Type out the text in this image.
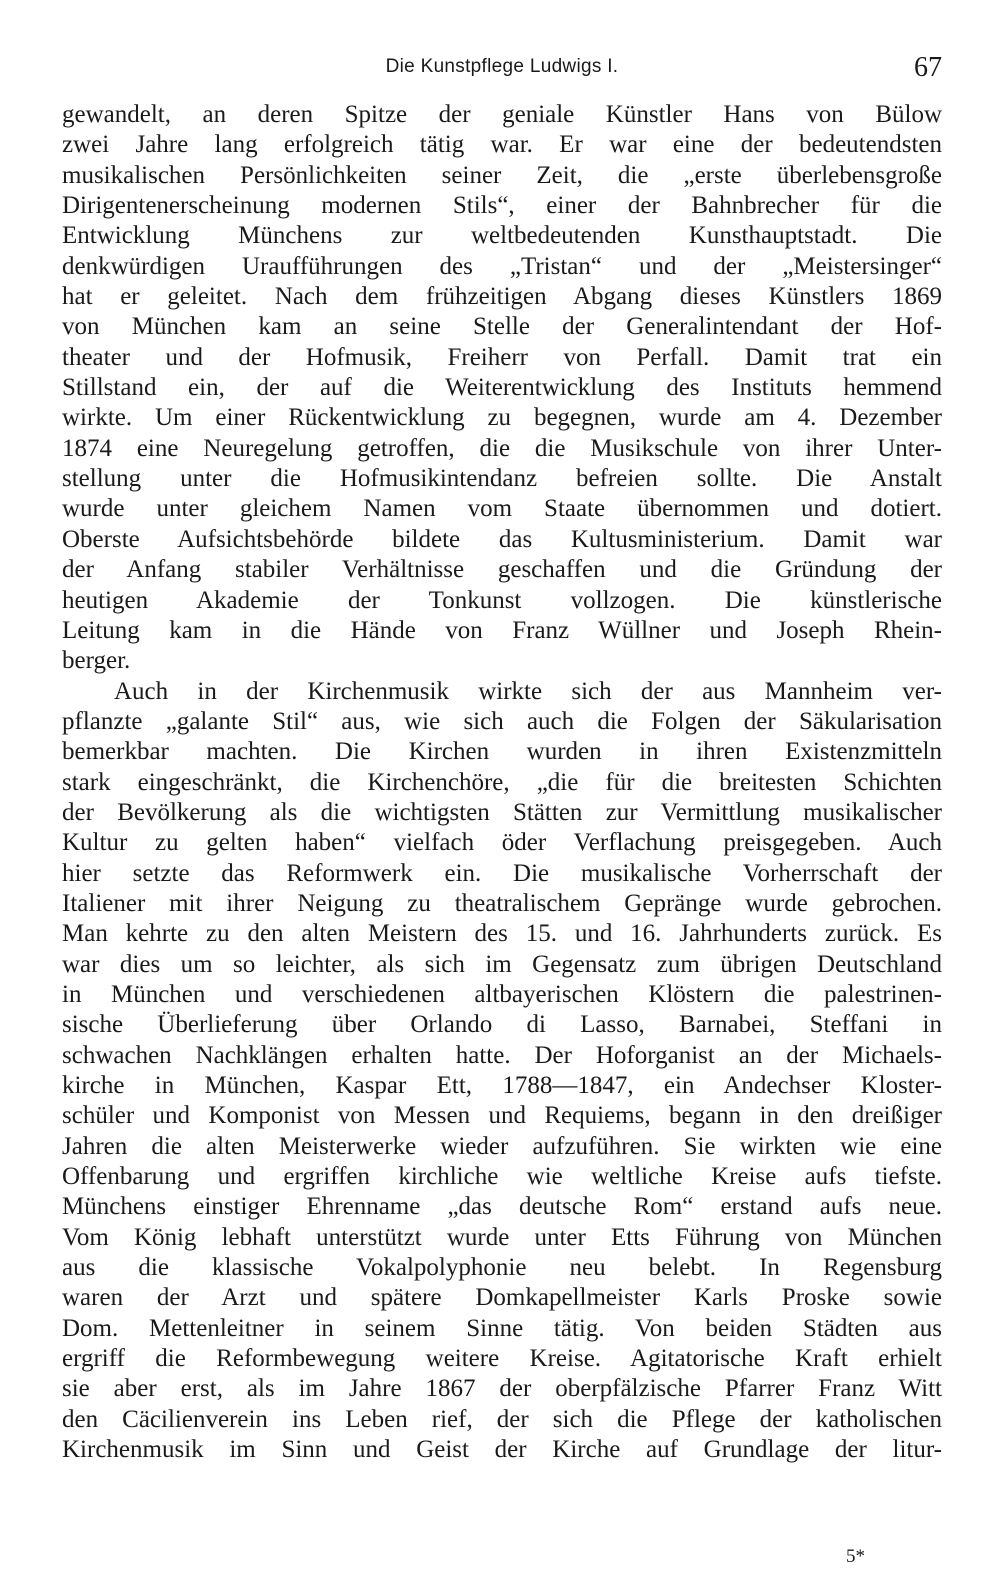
Die Kunstpflege Ludwigs I.	67
gewandelt, an deren Spitze der geniale Künstler Hans von Bülow
zwei Jahre lang erfolgreich tätig war. Er war eine der bedeutendsten
musikalischen Persönlichkeiten seiner Zeit, die „erste überlebensgroße
Dirigentenerscheinung modernen Stils“, einer der Bahnbrecher für die
Entwicklung Münchens zur weltbedeutenden Kunsthauptstadt. Die
denkwürdigen Uraufführungen des „Tristan“ und der „Meistersinger“
hat er geleitet. Nach dem frühzeitigen Abgang dieses Künstlers 1869
von München kam an seine Stelle der Generalintendant der Hof-
theater und der Hofmusik, Freiherr von Perfall. Damit trat ein
Stillstand ein, der auf die Weiterentwicklung des Instituts hemmend
wirkte. Um einer Rückentwicklung zu begegnen, wurde am 4. Dezember
1874 eine Neuregelung getroffen, die die Musikschule von ihrer Unter-
stellung unter die Hofmusikintendanz befreien sollte. Die Anstalt
wurde unter gleichem Namen vom Staate übernommen und dotiert.
Oberste Aufsichtsbehörde bildete das Kultusministerium. Damit war
der Anfang stabiler Verhältnisse geschaffen und die Gründung der
heutigen Akademie der Tonkunst vollzogen. Die künstlerische
Leitung kam in die Hände von Franz Wüllner und Joseph Rhein-
berger.
Auch in der Kirchenmusik wirkte sich der aus Mannheim ver-
pflanzte „galante Stil“ aus, wie sich auch die Folgen der Säkularisation
bemerkbar machten. Die Kirchen wurden in ihren Existenzmitteln
stark eingeschränkt, die Kirchenchöre, „die für die breitesten Schichten
der Bevölkerung als die wichtigsten Stätten zur Vermittlung musikalischer
Kultur zu gelten haben“ vielfach öder Verflachung preisgegeben. Auch
hier setzte das Reformwerk ein. Die musikalische Vorherrschaft der
Italiener mit ihrer Neigung zu theatralischem Gepränge wurde gebrochen.
Man kehrte zu den alten Meistern des 15. und 16. Jahrhunderts zurück. Es
war dies um so leichter, als sich im Gegensatz zum übrigen Deutschland
in München und verschiedenen altbayerischen Klöstern die palestrinen-
sische Überlieferung über Orlando di Lasso, Barnabei, Steffani in
schwachen Nachklängen erhalten hatte. Der Hoforganist an der Michaels-
kirche in München, Kaspar Ett, 1788—1847, ein Andechser Kloster-
schüler und Komponist von Messen und Requiems, begann in den dreißiger
Jahren die alten Meisterwerke wieder aufzuführen. Sie wirkten wie eine
Offenbarung und ergriffen kirchliche wie weltliche Kreise aufs tiefste.
Münchens einstiger Ehrenname „das deutsche Rom“ erstand aufs neue.
Vom König lebhaft unterstützt wurde unter Etts Führung von München
aus die klassische Vokalpolyphonie neu belebt. In Regensburg
waren der Arzt und spätere Domkapellmeister Karls Proske sowie
Dom. Mettenleitner in seinem Sinne tätig. Von beiden Städten aus
ergriff die Reformbewegung weitere Kreise. Agitatorische Kraft erhielt
sie aber erst, als im Jahre 1867 der oberpfälzische Pfarrer Franz Witt
den Cäcilienverein ins Leben rief, der sich die Pflege der katholischen
Kirchenmusik im Sinn und Geist der Kirche auf Grundlage der litur-
5*
